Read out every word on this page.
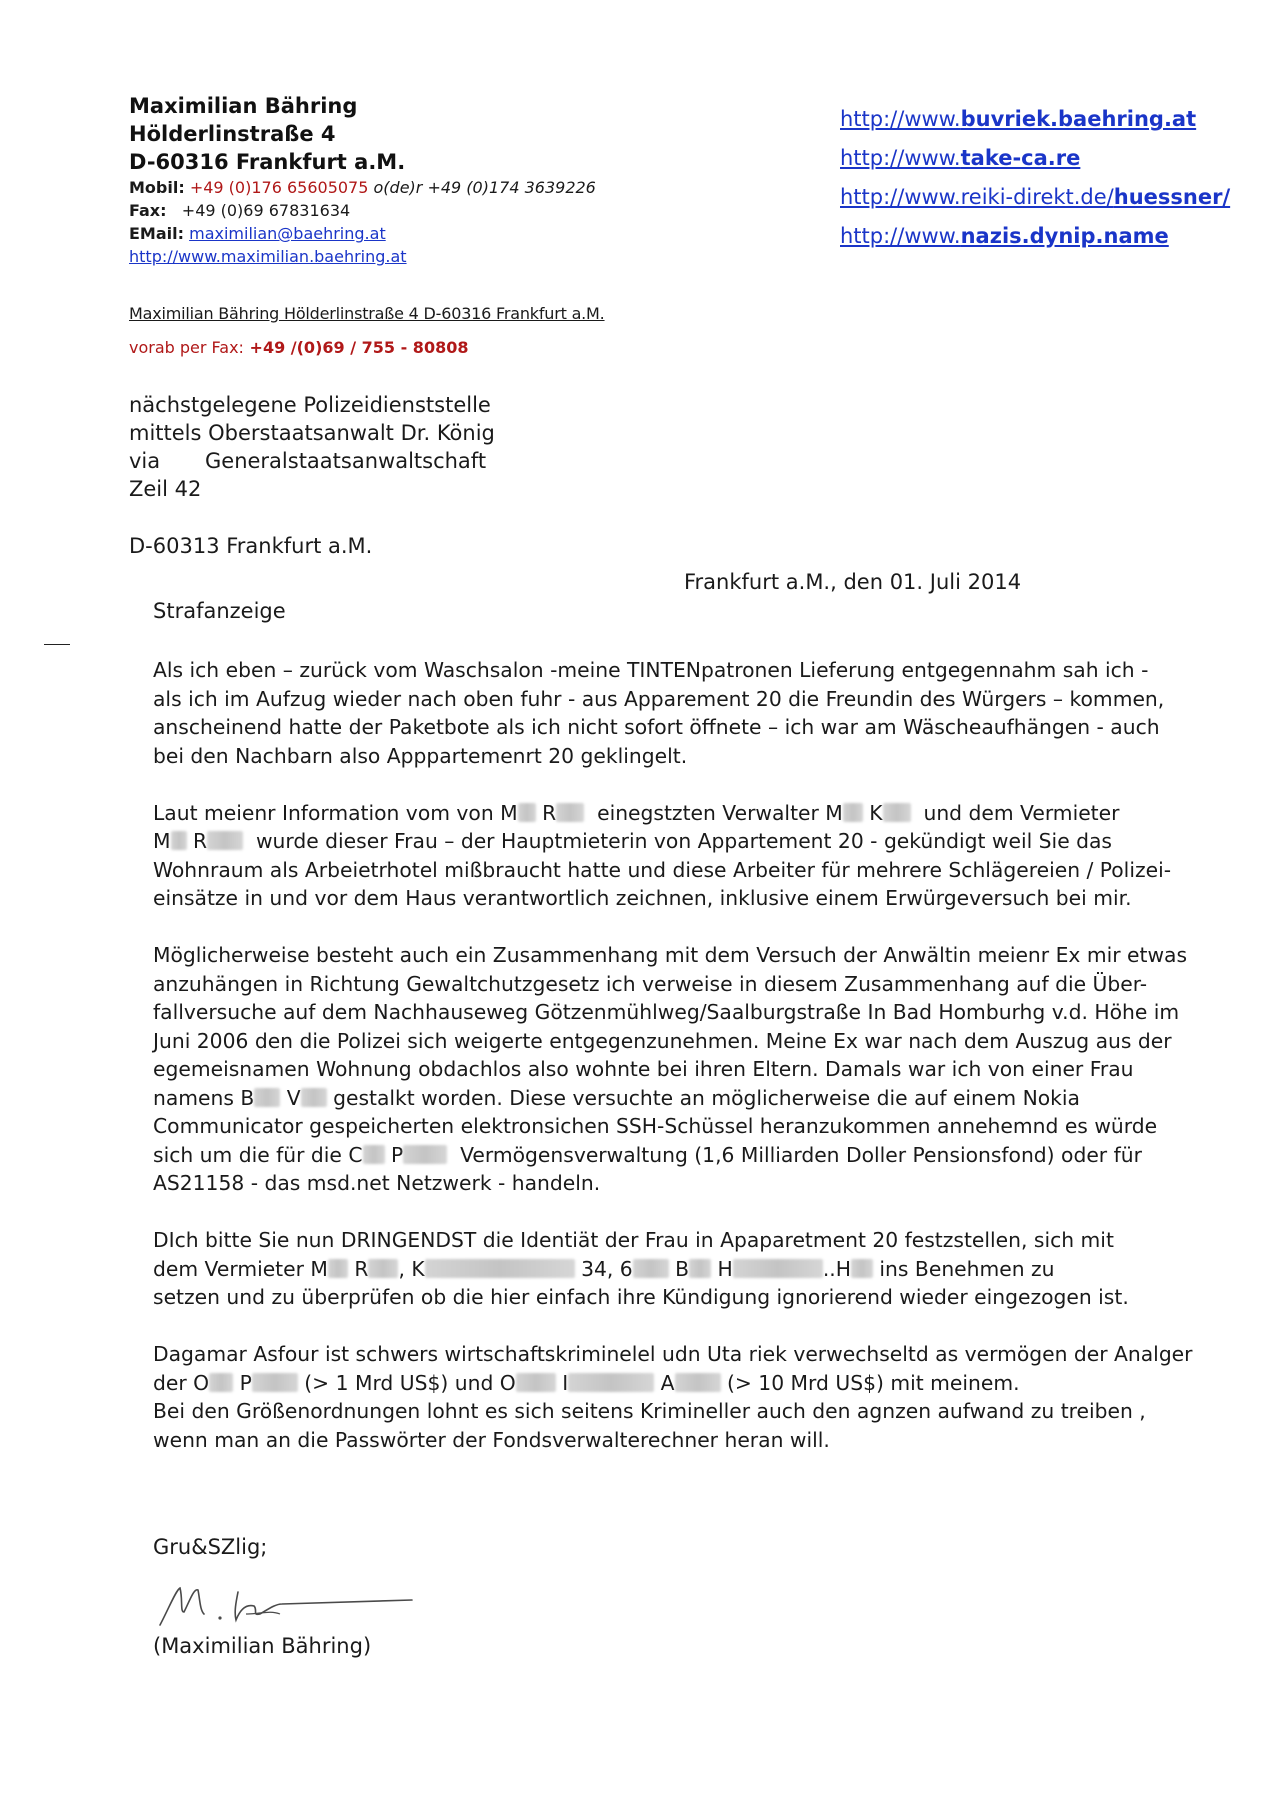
Maximilian Bähring
Hölderlinstraße 4
D-60316 Frankfurt a.M.
Mobil: +49 (0)176 65605075 o(de)r +49 (0)174 3639226
Fax: +49 (0)69 67831634
EMail: maximilian@baehring.at
http://www.maximilian.baehring.at
http://www.buvriek.baehring.at
http://www.take-ca.re
http://www.reiki-direkt.de/huessner/
http://www.nazis.dynip.name
Maximilian Bähring Hölderlinstraße 4 D-60316 Frankfurt a.M.
vorab per Fax: +49 /(0)69 / 755 - 80808
nächstgelegene Polizeidienststelle
mittels Oberstaatsanwalt Dr. König
via Generalstaatsanwaltschaft
Zeil 42
D-60313 Frankfurt a.M.
Frankfurt a.M., den 01. Juli 2014
Strafanzeige

Als ich eben – zurück vom Waschsalon -meine TINTENpatronen Lieferung entgegennahm sah ich -
als ich im Aufzug wieder nach oben fuhr - aus Apparement 20 die Freundin des Würgers – kommen,
anscheinend hatte der Paketbote als ich nicht sofort öffnete – ich war am Wäscheaufhängen - auch
bei den Nachbarn also Apppartemenrt 20 geklingelt.

Laut meienr Information vom von M R einegstzten Verwalter M K und dem Vermieter
M R wurde dieser Frau – der Hauptmieterin von Appartement 20 - gekündigt weil Sie das
Wohnraum als Arbeietrhotel mißbraucht hatte und diese Arbeiter für mehrere Schlägereien / Polizei-
einsätze in und vor dem Haus verantwortlich zeichnen, inklusive einem Erwürgeversuch bei mir.

Möglicherweise besteht auch ein Zusammenhang mit dem Versuch der Anwältin meienr Ex mir etwas
anzuhängen in Richtung Gewaltchutzgesetz ich verweise in diesem Zusammenhang auf die Über-
fallversuche auf dem Nachhauseweg Götzenmühlweg/Saalburgstraße In Bad Homburhg v.d. Höhe im
Juni 2006 den die Polizei sich weigerte entgegenzunehmen. Meine Ex war nach dem Auszug aus der
egemeisnamen Wohnung obdachlos also wohnte bei ihren Eltern. Damals war ich von einer Frau
namens B V gestalkt worden. Diese versuchte an möglicherweise die auf einem Nokia
Communicator gespeicherten elektronsichen SSH-Schüssel heranzukommen annehemnd es würde
sich um die für die C P	Vermögensverwaltung (1,6 Milliarden Doller Pensionsfond) oder für
AS21158 - das msd.net Netzwerk - handeln.

DIch bitte Sie nun DRINGENDST die Identiät der Frau in Apaparetment 20 festzstellen, sich mit
dem Vermieter M R , K	34, 6 B H	..H ins Benehmen zu
setzen und zu überprüfen ob die hier einfach ihre Kündigung ignorierend wieder eingezogen ist.

Dagamar Asfour ist schwers wirtschaftskriminelel udn Uta riek verwechseltd as vermögen der Analger
der O P	(> 1 Mrd US$) und O I	A	(> 10 Mrd US$) mit meinem.
Bei den Größenordnungen lohnt es sich seitens Krimineller auch den agnzen aufwand zu treiben ,
wenn man an die Passwörter der Fondsverwalterechner heran will.

Gru&SZlig;
(Maximilian Bähring)
